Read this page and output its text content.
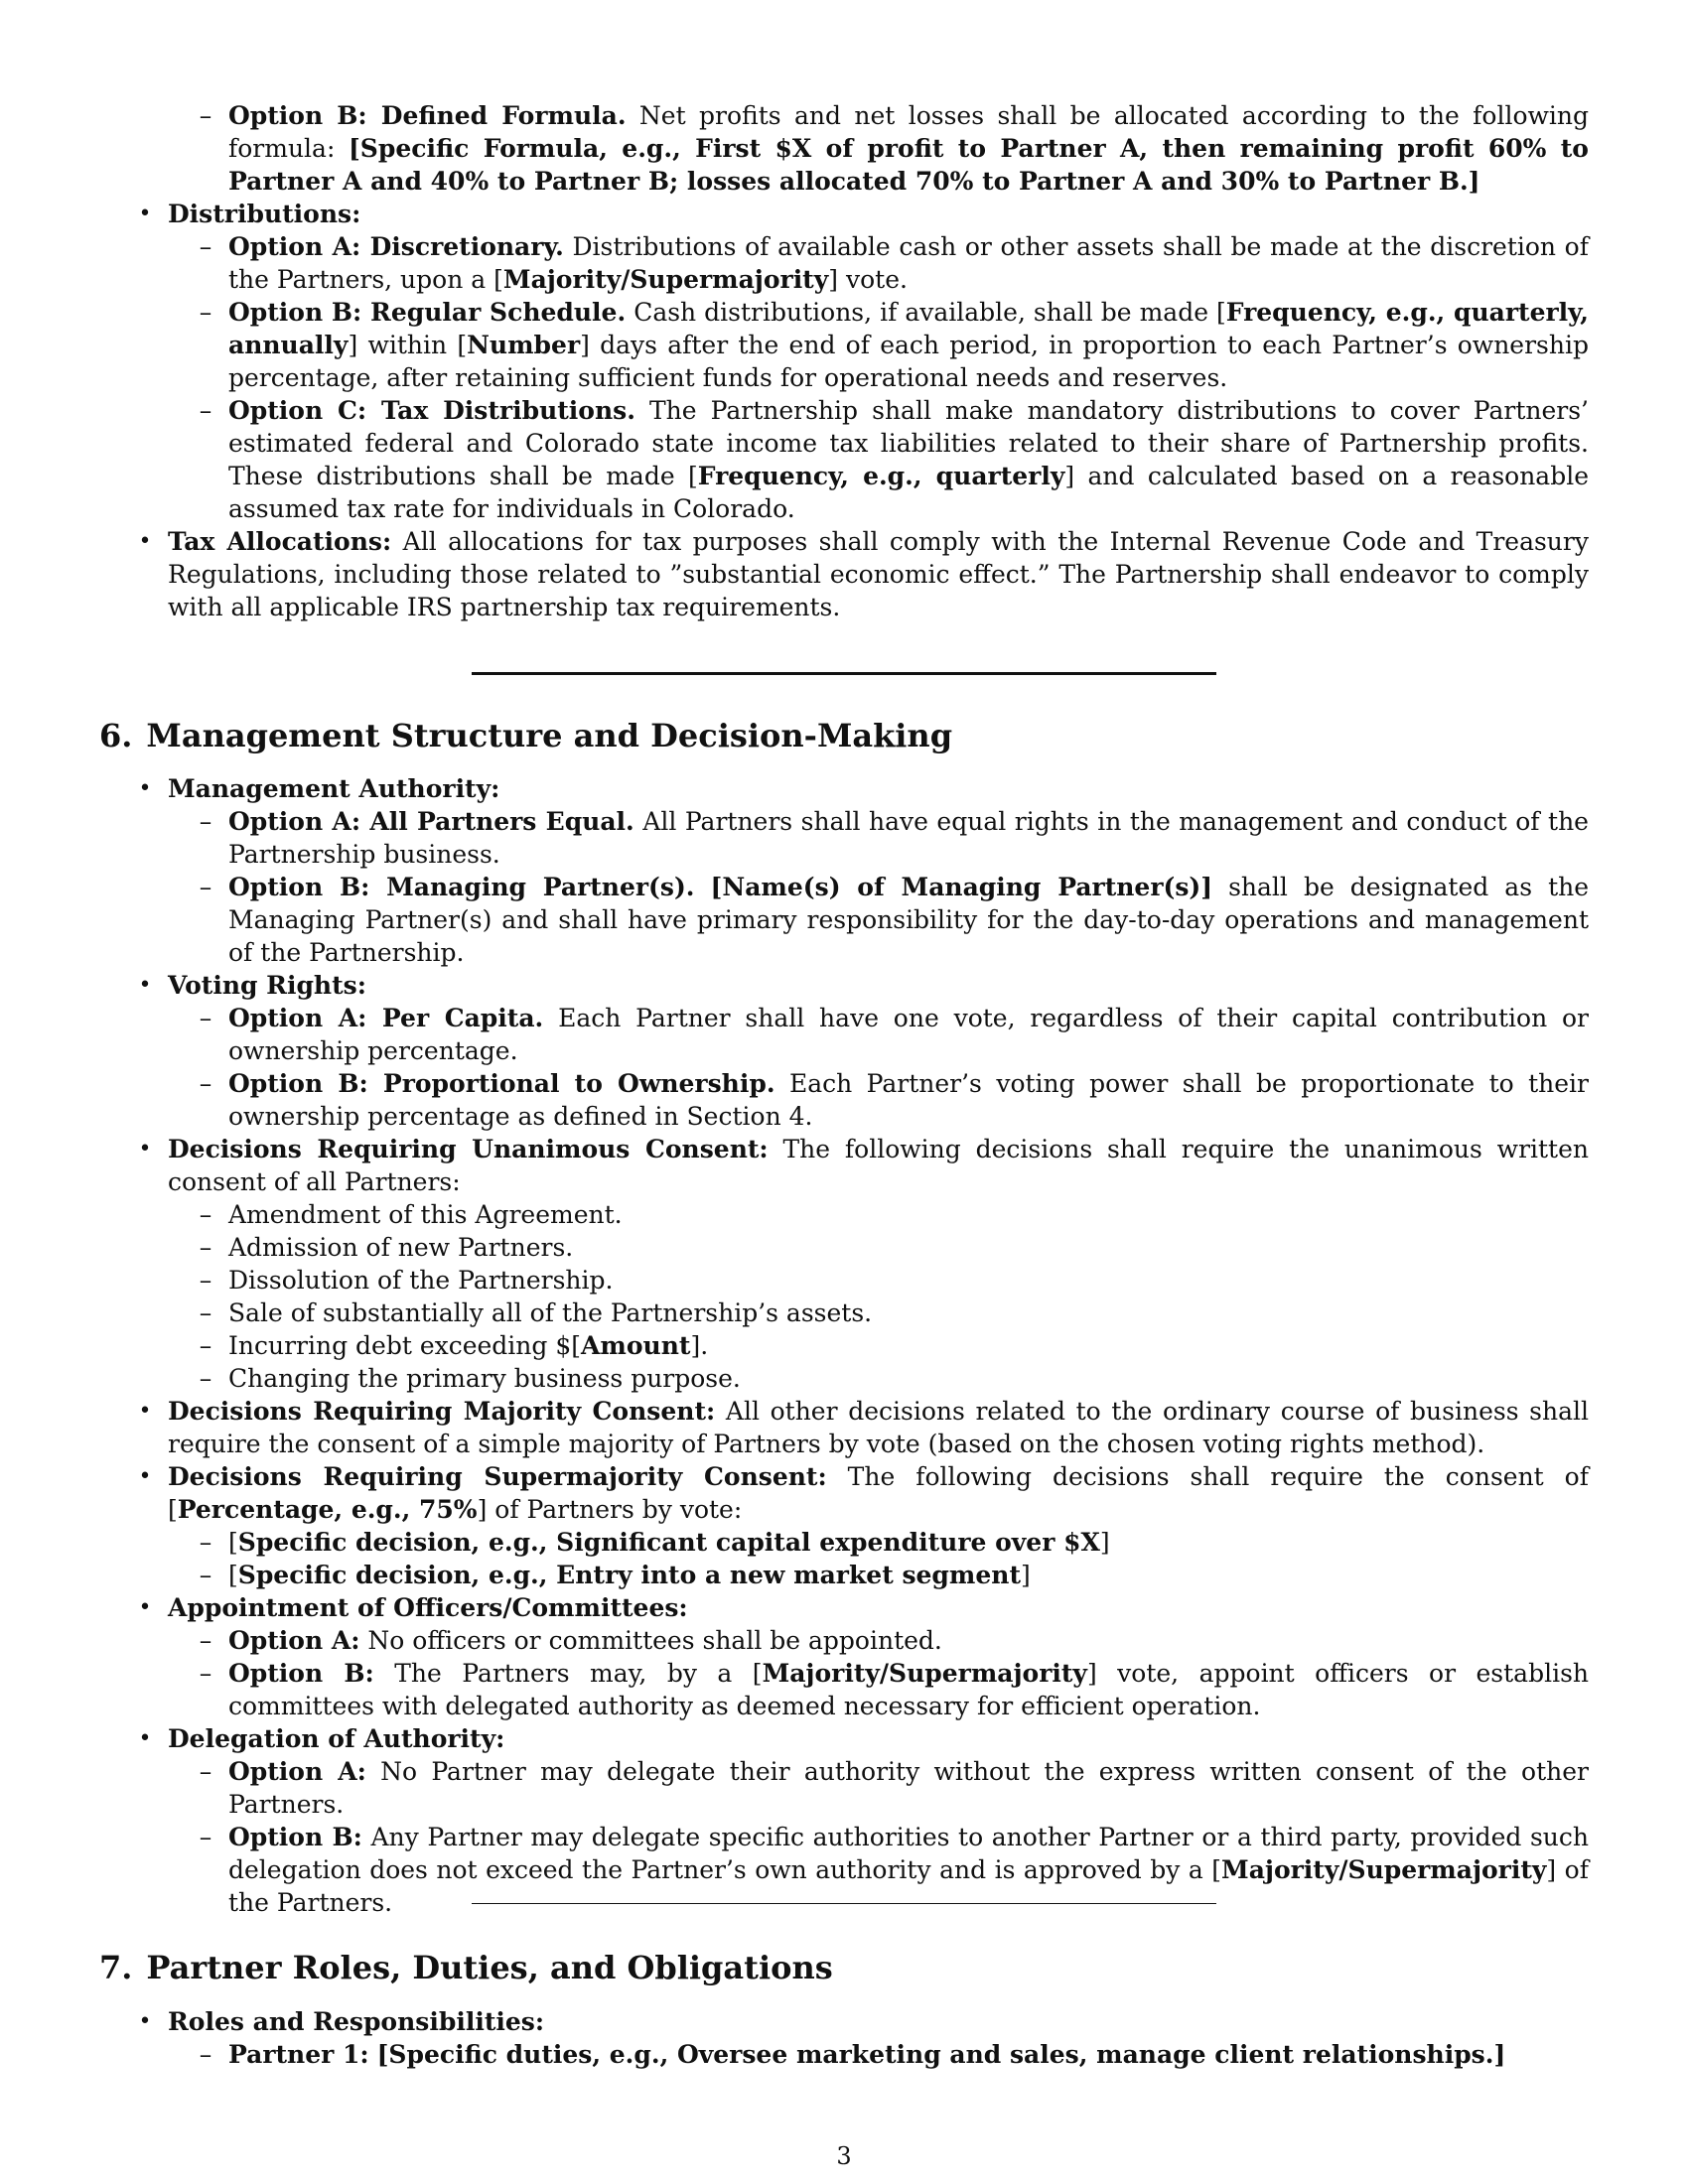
– Option B: Defined Formula. Net profits and net losses shall be allocated according to the following formula: [Specific Formula, e.g., First $X of profit to Partner A, then remaining profit 60% to Partner A and 40% to Partner B; losses allocated 70% to Partner A and 30% to Partner B.]
• Distributions:
– Option A: Discretionary. Distributions of available cash or other assets shall be made at the discretion of the Partners, upon a [Majority/Supermajority] vote.
– Option B: Regular Schedule. Cash distributions, if available, shall be made [Frequency, e.g., quarterly, annually] within [Number] days after the end of each period, in proportion to each Partner’s ownership percentage, after retaining sufficient funds for operational needs and reserves.
– Option C: Tax Distributions. The Partnership shall make mandatory distributions to cover Partners’ estimated federal and Colorado state income tax liabilities related to their share of Partnership profits. These distributions shall be made [Frequency, e.g., quarterly] and calculated based on a reasonable assumed tax rate for individuals in Colorado.
• Tax Allocations: All allocations for tax purposes shall comply with the Internal Revenue Code and Treasury Regulations, including those related to ”substantial economic effect.” The Partnership shall endeavor to comply with all applicable IRS partnership tax requirements.
6. Management Structure and Decision-Making
• Management Authority:
– Option A: All Partners Equal. All Partners shall have equal rights in the management and conduct of the Partnership business.
– Option B: Managing Partner(s). [Name(s) of Managing Partner(s)] shall be designated as the Managing Partner(s) and shall have primary responsibility for the day-to-day operations and management of the Partnership.
• Voting Rights:
– Option A: Per Capita. Each Partner shall have one vote, regardless of their capital contribution or ownership percentage.
– Option B: Proportional to Ownership. Each Partner’s voting power shall be proportionate to their ownership percentage as defined in Section 4.
• Decisions Requiring Unanimous Consent: The following decisions shall require the unanimous written consent of all Partners:
– Amendment of this Agreement.
– Admission of new Partners.
– Dissolution of the Partnership.
– Sale of substantially all of the Partnership’s assets.
– Incurring debt exceeding $[Amount].
– Changing the primary business purpose.
• Decisions Requiring Majority Consent: All other decisions related to the ordinary course of business shall require the consent of a simple majority of Partners by vote (based on the chosen voting rights method).
• Decisions Requiring Supermajority Consent: The following decisions shall require the consent of [Percentage, e.g., 75%] of Partners by vote:
– [Specific decision, e.g., Significant capital expenditure over $X]
– [Specific decision, e.g., Entry into a new market segment]
• Appointment of Officers/Committees:
– Option A: No officers or committees shall be appointed.
– Option B: The Partners may, by a [Majority/Supermajority] vote, appoint officers or establish committees with delegated authority as deemed necessary for efficient operation.
• Delegation of Authority:
– Option A: No Partner may delegate their authority without the express written consent of the other Partners.
– Option B: Any Partner may delegate specific authorities to another Partner or a third party, provided such delegation does not exceed the Partner’s own authority and is approved by a [Majority/Supermajority] of the Partners.
7. Partner Roles, Duties, and Obligations
• Roles and Responsibilities:
– Partner 1: [Specific duties, e.g., Oversee marketing and sales, manage client relationships.]
3
